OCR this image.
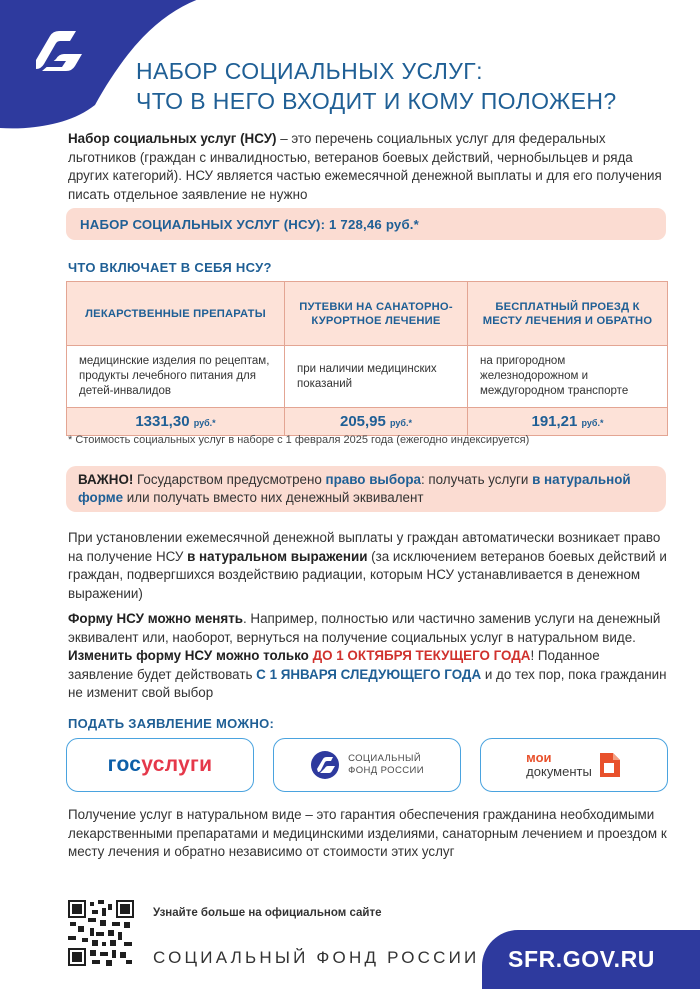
НАБОР СОЦИАЛЬНЫХ УСЛУГ:
ЧТО В НЕГО ВХОДИТ И КОМУ ПОЛОЖЕН?

Набор социальных услуг (НСУ) – это перечень социальных услуг для федеральных льготников (граждан с инвалидностью, ветеранов боевых действий, чернобыльцев и ряда других категорий). НСУ является частью ежемесячной денежной выплаты и для его получения писать отдельное заявление не нужно

НАБОР СОЦИАЛЬНЫХ УСЛУГ (НСУ): 1 728,46 руб.*
ЧТО ВКЛЮЧАЕТ В СЕБЯ НСУ?
ЛЕКАРСТВЕННЫЕ ПРЕПАРАТЫ	ПУТЕВКИ НА САНАТОРНО-КУРОРТНОЕ ЛЕЧЕНИЕ	БЕСПЛАТНЫЙ ПРОЕЗД К МЕСТУ ЛЕЧЕНИЯ И ОБРАТНО
медицинские изделия по рецептам, продукты лечебного питания для детей-инвалидов	при наличии медицинских показаний	на пригородном железнодорожном и междугородном транспорте
1331,30 руб.*	205,95 руб.*	191,21 руб.*
* Стоимость социальных услуг в наборе с 1 февраля 2025 года (ежегодно индексируется)
ВАЖНО! Государством предусмотрено право выбора: получать услуги в натуральной форме или получать вместо них денежный эквивалент

При установлении ежемесячной денежной выплаты у граждан автоматически возникает право на получение НСУ в натуральном выражении (за исключением ветеранов боевых действий и граждан, подвергшихся воздействию радиации, которым НСУ устанавливается в денежном выражении)

Форму НСУ можно менять. Например, полностью или частично заменив услуги на денежный эквивалент или, наоборот, вернуться на получение социальных услуг в натуральном виде. Изменить форму НСУ можно только ДО 1 ОКТЯБРЯ ТЕКУЩЕГО ГОДА! Поданное заявление будет действовать С 1 ЯНВАРЯ СЛЕДУЮЩЕГО ГОДА и до тех пор, пока гражданин не изменит свой выбор

ПОДАТЬ ЗАЯВЛЕНИЕ МОЖНО:
госуслуги	СОЦИАЛЬНЫЙ
ФОНД РОССИИ
мои
документы

Получение услуг в натуральном виде – это гарантия обеспечения гражданина необходимыми лекарственными препаратами и медицинскими изделиями, санаторным лечением и проездом к месту лечения и обратно независимо от стоимости этих услуг

Узнайте больше на официальном сайте
СОЦИАЛЬНЫЙ ФОНД РОССИИ SFR.GOV.RU
